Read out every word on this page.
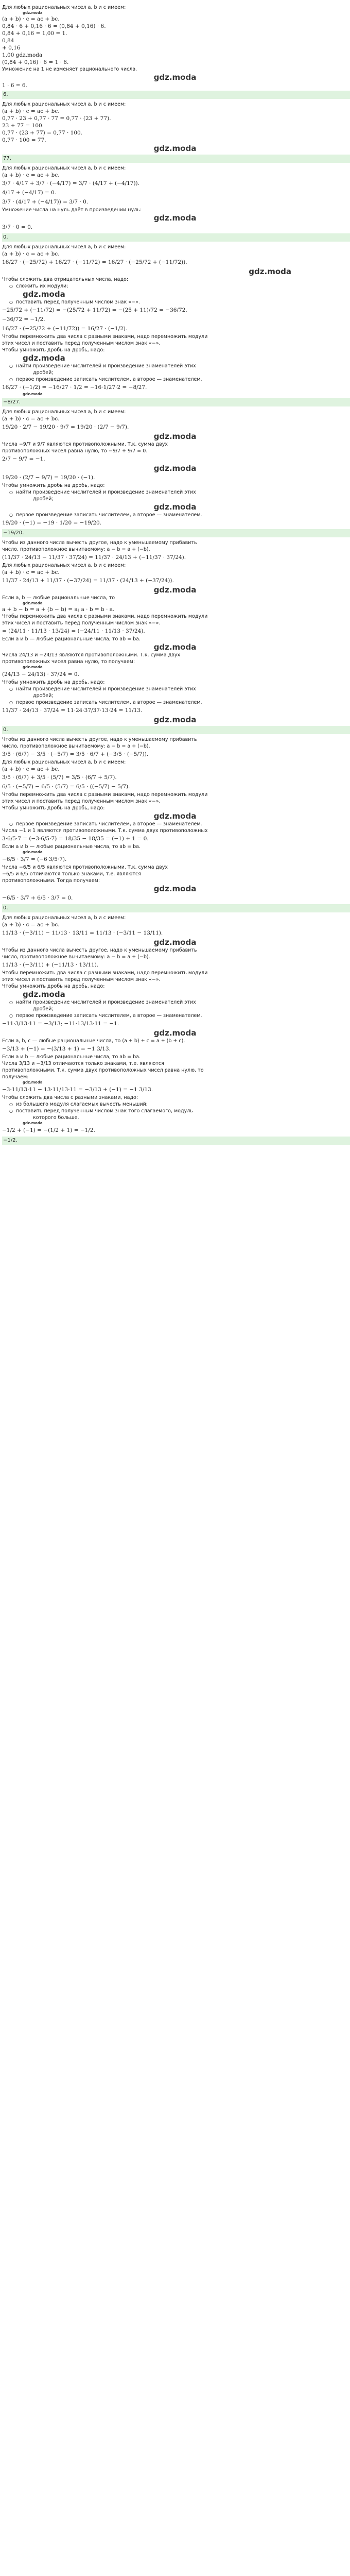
Для любых рациональных чисел a, b и c имеем:
gdz.moda
(a + b) · c = ac + bc.
0,84 · 6 + 0,16 · 6 = (0,84 + 0,16) · 6.
0,84 + 0,16 = 1,00 = 1.
0,84
+ 0,16
1,00 gdz.moda
(0,84 + 0,16) · 6 = 1 · 6.
Умножение на 1 не изменяет рационального числа.
gdz.moda
1 · 6 = 6.
6.
Для любых рациональных чисел a, b и c имеем:
(a + b) · c = ac + bc.
0,77 · 23 + 0,77 · 77 = 0,77 · (23 + 77).
23 + 77 = 100.
0,77 · (23 + 77) = 0,77 · 100.
0,77 · 100 = 77.
gdz.moda
77.
Для любых рациональных чисел a, b и c имеем:
(a + b) · c = ac + bc.
3/7 · 4/17 + 3/7 · (−4/17) = 3/7 · (4/17 + (−4/17)).
4/17 + (−4/17) = 0.
3/7 · (4/17 + (−4/17)) = 3/7 · 0.
Умножение числа на нуль даёт в произведении нуль:
gdz.moda
3/7 · 0 = 0.
0.
Для любых рациональных чисел a, b и c имеем:
(a + b) · c = ac + bc.
16/27 · (−25/72) + 16/27 · (−11/72) = 16/27 · (−25/72 + (−11/72)).
gdz.moda
Чтобы сложить два отрицательных числа, надо:
○ сложить их модули;
gdz.moda
○ поставить перед полученным числом знак «−».
−25/72 + (−11/72) = −(25/72 + 11/72) = −(25 + 11)/72 = −36/72.
−36/72 = −1/2.
16/27 · (−25/72 + (−11/72)) = 16/27 · (−1/2).
Чтобы перемножить два числа с разными знаками, надо перемножить модули
этих чисел и поставить перед полученным числом знак «−».
Чтобы умножить дробь на дробь, надо:
gdz.moda
○ найти произведение числителей и произведение знаменателей этих
дробей;
○ первое произведение записать числителем, а второе — знаменателем.
16/27 · (−1/2) = −16/27 · 1/2 = −16·1/27·2 = −8/27.
gdz.moda
−8/27.
Для любых рациональных чисел a, b и c имеем:
(a + b) · c = ac + bc.
19/20 · 2/7 − 19/20 · 9/7 = 19/20 · (2/7 − 9/7).
gdz.moda
Числа −9/7 и 9/7 являются противоположными. Т.к. сумма двух
противоположных чисел равна нулю, то −9/7 + 9/7 = 0.
2/7 − 9/7 = −1.
gdz.moda
19/20 · (2/7 − 9/7) = 19/20 · (−1).
Чтобы умножить дробь на дробь, надо:
○ найти произведение числителей и произведение знаменателей этих
дробей;
gdz.moda
○ первое произведение записать числителем, а второе — знаменателем.
19/20 · (−1) = −19 · 1/20 = −19/20.
−19/20.
Чтобы из данного числа вычесть другое, надо к уменьшаемому прибавить
число, противоположное вычитаемому: a − b = a + (−b).
(11/37 · 24/13 − 11/37 · 37/24) = 11/37 · 24/13 + (−11/37 · 37/24).
Для любых рациональных чисел a, b и c имеем:
(a + b) · c = ac + bc.
11/37 · 24/13 + 11/37 · (−37/24) = 11/37 · (24/13 + (−37/24)).
gdz.moda
Если a, b — любые рациональные числа, то
gdz.moda
a + b − b = a + (b − b) = a; a · b = b · a.
Чтобы перемножить два числа с разными знаками, надо перемножить модули
этих чисел и поставить перед полученным числом знак «−».
= (24/11 · 11/13 · 13/24) = (−24/11 · 11/13 · 37/24).
Если a и b — любые рациональные числа, то ab = ba.
gdz.moda
Числа 24/13 и −24/13 являются противоположными. Т.к. сумма двух
противоположных чисел равна нулю, то получаем:
gdz.moda
(24/13 − 24/13) · 37/24 = 0.
Чтобы умножить дробь на дробь, надо:
○ найти произведение числителей и произведение знаменателей этих
дробей;
○ первое произведение записать числителем, а второе — знаменателем.
11/37 · 24/13 · 37/24 = 11·24·37/37·13·24 = 11/13.
gdz.moda
0.
Чтобы из данного числа вычесть другое, надо к уменьшаемому прибавить
число, противоположное вычитаемому: a − b = a + (−b).
3/5 · (6/7) − 3/5 · (−5/7) = 3/5 · 6/7 + (−3/5 · (−5/7)).
Для любых рациональных чисел a, b и c имеем:
(a + b) · c = ac + bc.
3/5 · (6/7) + 3/5 · (5/7) = 3/5 · (6/7 + 5/7).
6/5 · (−5/7) − 6/5 · (5/7) = 6/5 · ((−5/7) − 5/7).
Чтобы перемножить два числа с разными знаками, надо перемножить модули
этих чисел и поставить перед полученным числом знак «−».
Чтобы умножить дробь на дробь, надо:
gdz.moda
○ первое произведение записать числителем, а второе — знаменателем.
Числа −1 и 1 являются противоположными. Т.к. сумма двух противоположных
3·6/5·7 = (−3·6/5·7) = 18/35 − 18/35 = (−1) + 1 = 0.
Если a и b — любые рациональные числа, то ab = ba.
gdz.moda
−6/5 · 3/7 = (−6·3/5·7).
Числа −6/5 и 6/5 являются противоположными. Т.к. сумма двух
−6/5 и 6/5 отличаются только знаками, т.е. являются
противоположными. Тогда получаем:
gdz.moda
−6/5 · 3/7 + 6/5 · 3/7 = 0.
0.
Для любых рациональных чисел a, b и c имеем:
(a + b) · c = ac + bc.
11/13 · (−3/11) − 11/13 · 13/11 = 11/13 · (−3/11 − 13/11).
gdz.moda
Чтобы из данного числа вычесть другое, надо к уменьшаемому прибавить
число, противоположное вычитаемому: a − b = a + (−b).
11/13 · (−3/11) + (−11/13 · 13/11).
Чтобы перемножить два числа с разными знаками, надо перемножить модули
этих чисел и поставить перед полученным числом знак «−».
Чтобы умножить дробь на дробь, надо:
gdz.moda
○ найти произведение числителей и произведение знаменателей этих
дробей;
○ первое произведение записать числителем, а второе — знаменателем.
−11·3/13·11 = −3/13; −11·13/13·11 = −1.
gdz.moda
Если a, b, c — любые рациональные числа, то (a + b) + c = a + (b + c).
−3/13 + (−1) = −(3/13 + 1) = −1 3/13.
Если a и b — любые рациональные числа, то ab = ba.
Числа 3/13 и −3/13 отличаются только знаками, т.е. являются
противоположными. Т.к. сумма двух противоположных чисел равна нулю, то
получаем:
gdz.moda
−3·11/13·11 − 13·11/13·11 = −3/13 + (−1) = −1 3/13.
Чтобы сложить два числа с разными знаками, надо:
○ из большего модуля слагаемых вычесть меньший;
○ поставить перед полученным числом знак того слагаемого, модуль
которого больше.
gdz.moda
−1/2 + (−1) = −(1/2 + 1) = −1/2.
−1/2.
